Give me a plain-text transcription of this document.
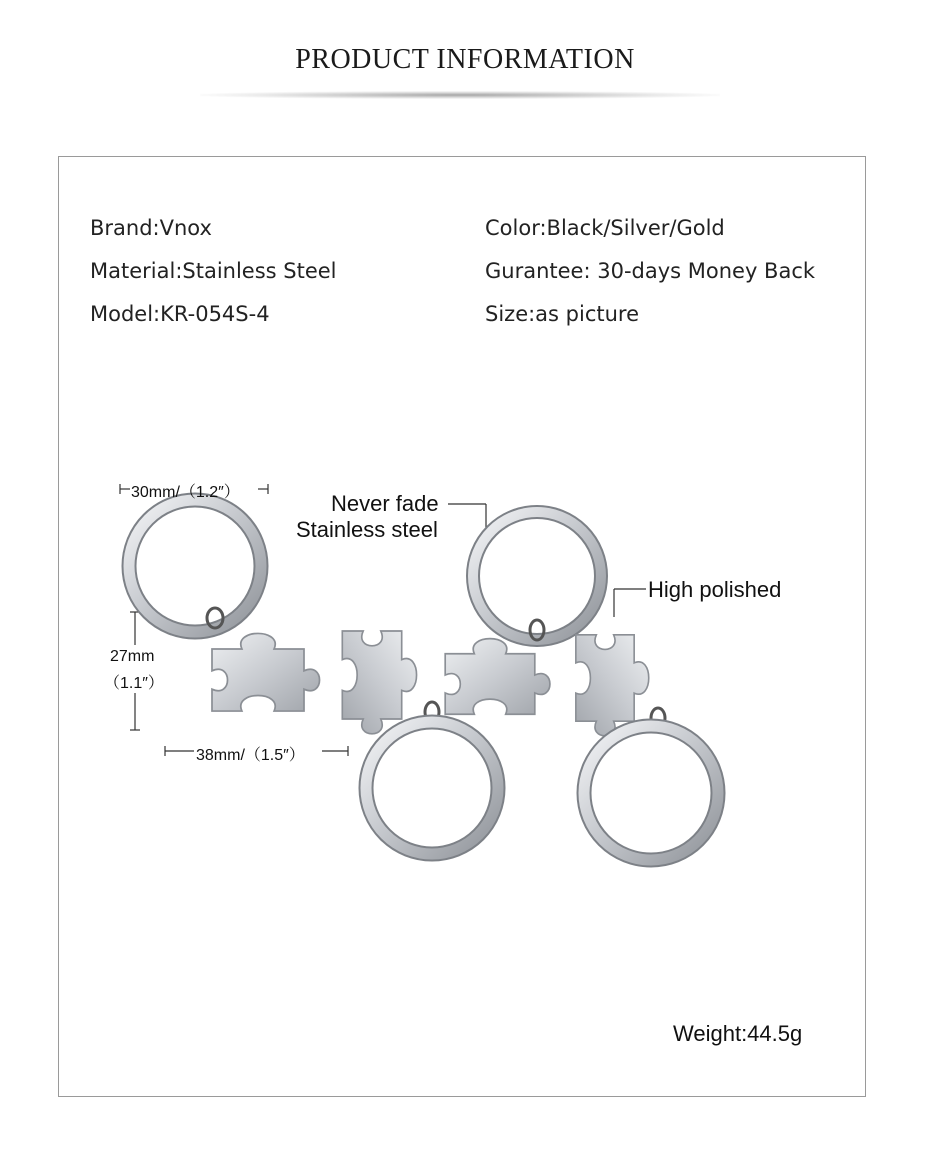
PRODUCT INFORMATION
Brand:Vnox
Material:Stainless Steel
Model:KR-054S-4
Color:Black/Silver/Gold
Gurantee: 30-days Money Back
Size:as picture
30mm/（1.2″）
27mm
（1.1″）
38mm/（1.5″）
Never fade
Stainless steel
High polished
Weight:44.5g
